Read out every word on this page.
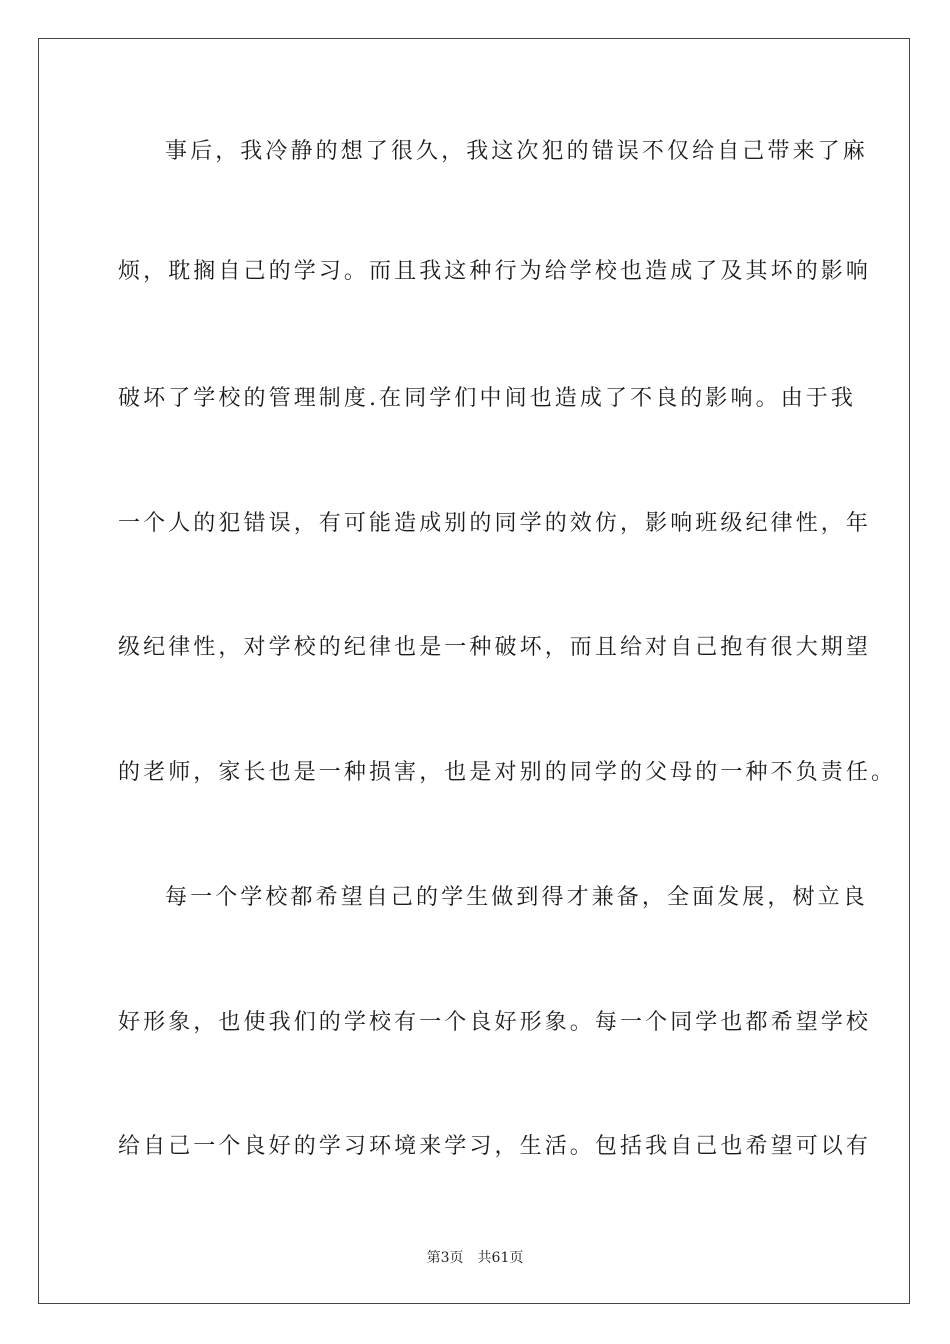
事后，我冷静的想了很久，我这次犯的错误不仅给自己带来了麻

烦，耽搁自己的学习。而且我这种行为给学校也造成了及其坏的影响

破坏了学校的管理制度.在同学们中间也造成了不良的影响。由于我

一个人的犯错误，有可能造成别的同学的效仿，影响班级纪律性，年

级纪律性，对学校的纪律也是一种破坏，而且给对自己抱有很大期望

的老师，家长也是一种损害，也是对别的同学的父母的一种不负责任。

每一个学校都希望自己的学生做到得才兼备，全面发展，树立良

好形象，也使我们的学校有一个良好形象。每一个同学也都希望学校

给自己一个良好的学习环境来学习，生活。包括我自己也希望可以有

第3页 共61页
